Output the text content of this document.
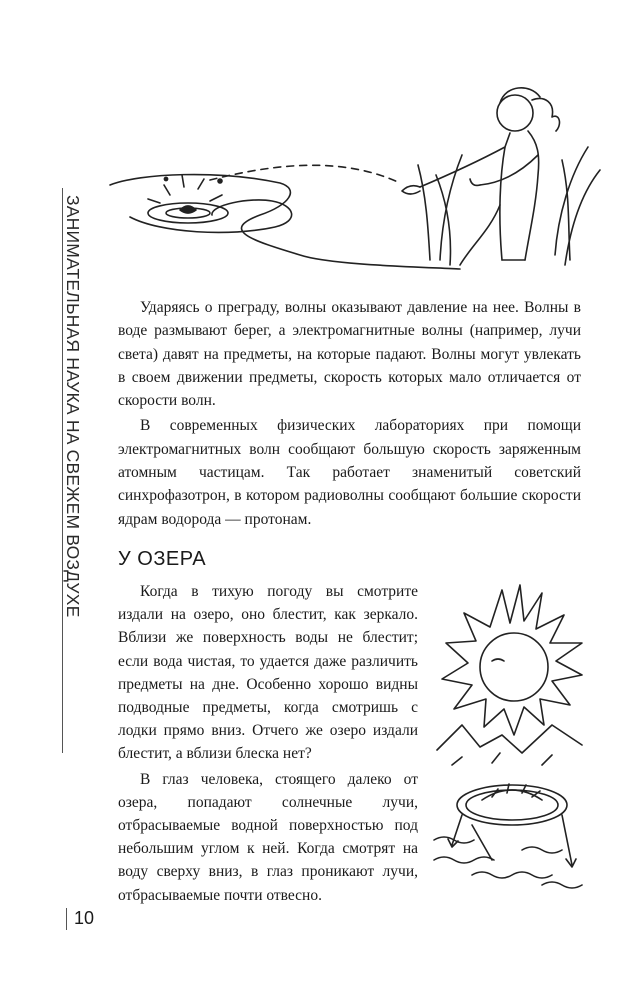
ЗАНИМАТЕЛЬНАЯ НАУКА НА СВЕЖЕМ ВОЗДУХЕ	Ударяясь о преграду, волны оказывают давление на нее. Волны в воде размывают берег, а электромагнитные волны (например, лучи света) давят на предметы, на которые падают. Волны могут увлекать в своем движении предметы, скорость которых мало отличается от скорости волн.

В современных физических лабораториях при помощи электромагнитных волн сообщают большую скорость заряженным атомным частицам. Так работает знаменитый советский синхрофазотрон, в котором радиоволны сообщают большие скорости ядрам водорода — протонам.

У ОЗЕРА

Когда в тихую погоду вы смотрите издали на озеро, оно блестит, как зеркало. Вблизи же поверхность воды не блестит; если вода чистая, то удается даже различить предметы на дне. Особенно хорошо видны подводные предметы, когда смотришь с лодки прямо вниз. Отчего же озеро издали блестит, а вблизи блеска нет?

В глаз человека, стоящего далеко от озера, попадают солнечные лучи, отбрасываемые водной поверхностью под небольшим углом к ней. Когда смотрят на воду сверху вниз, в глаз проникают лучи, отбрасываемые почти отвесно.

10
